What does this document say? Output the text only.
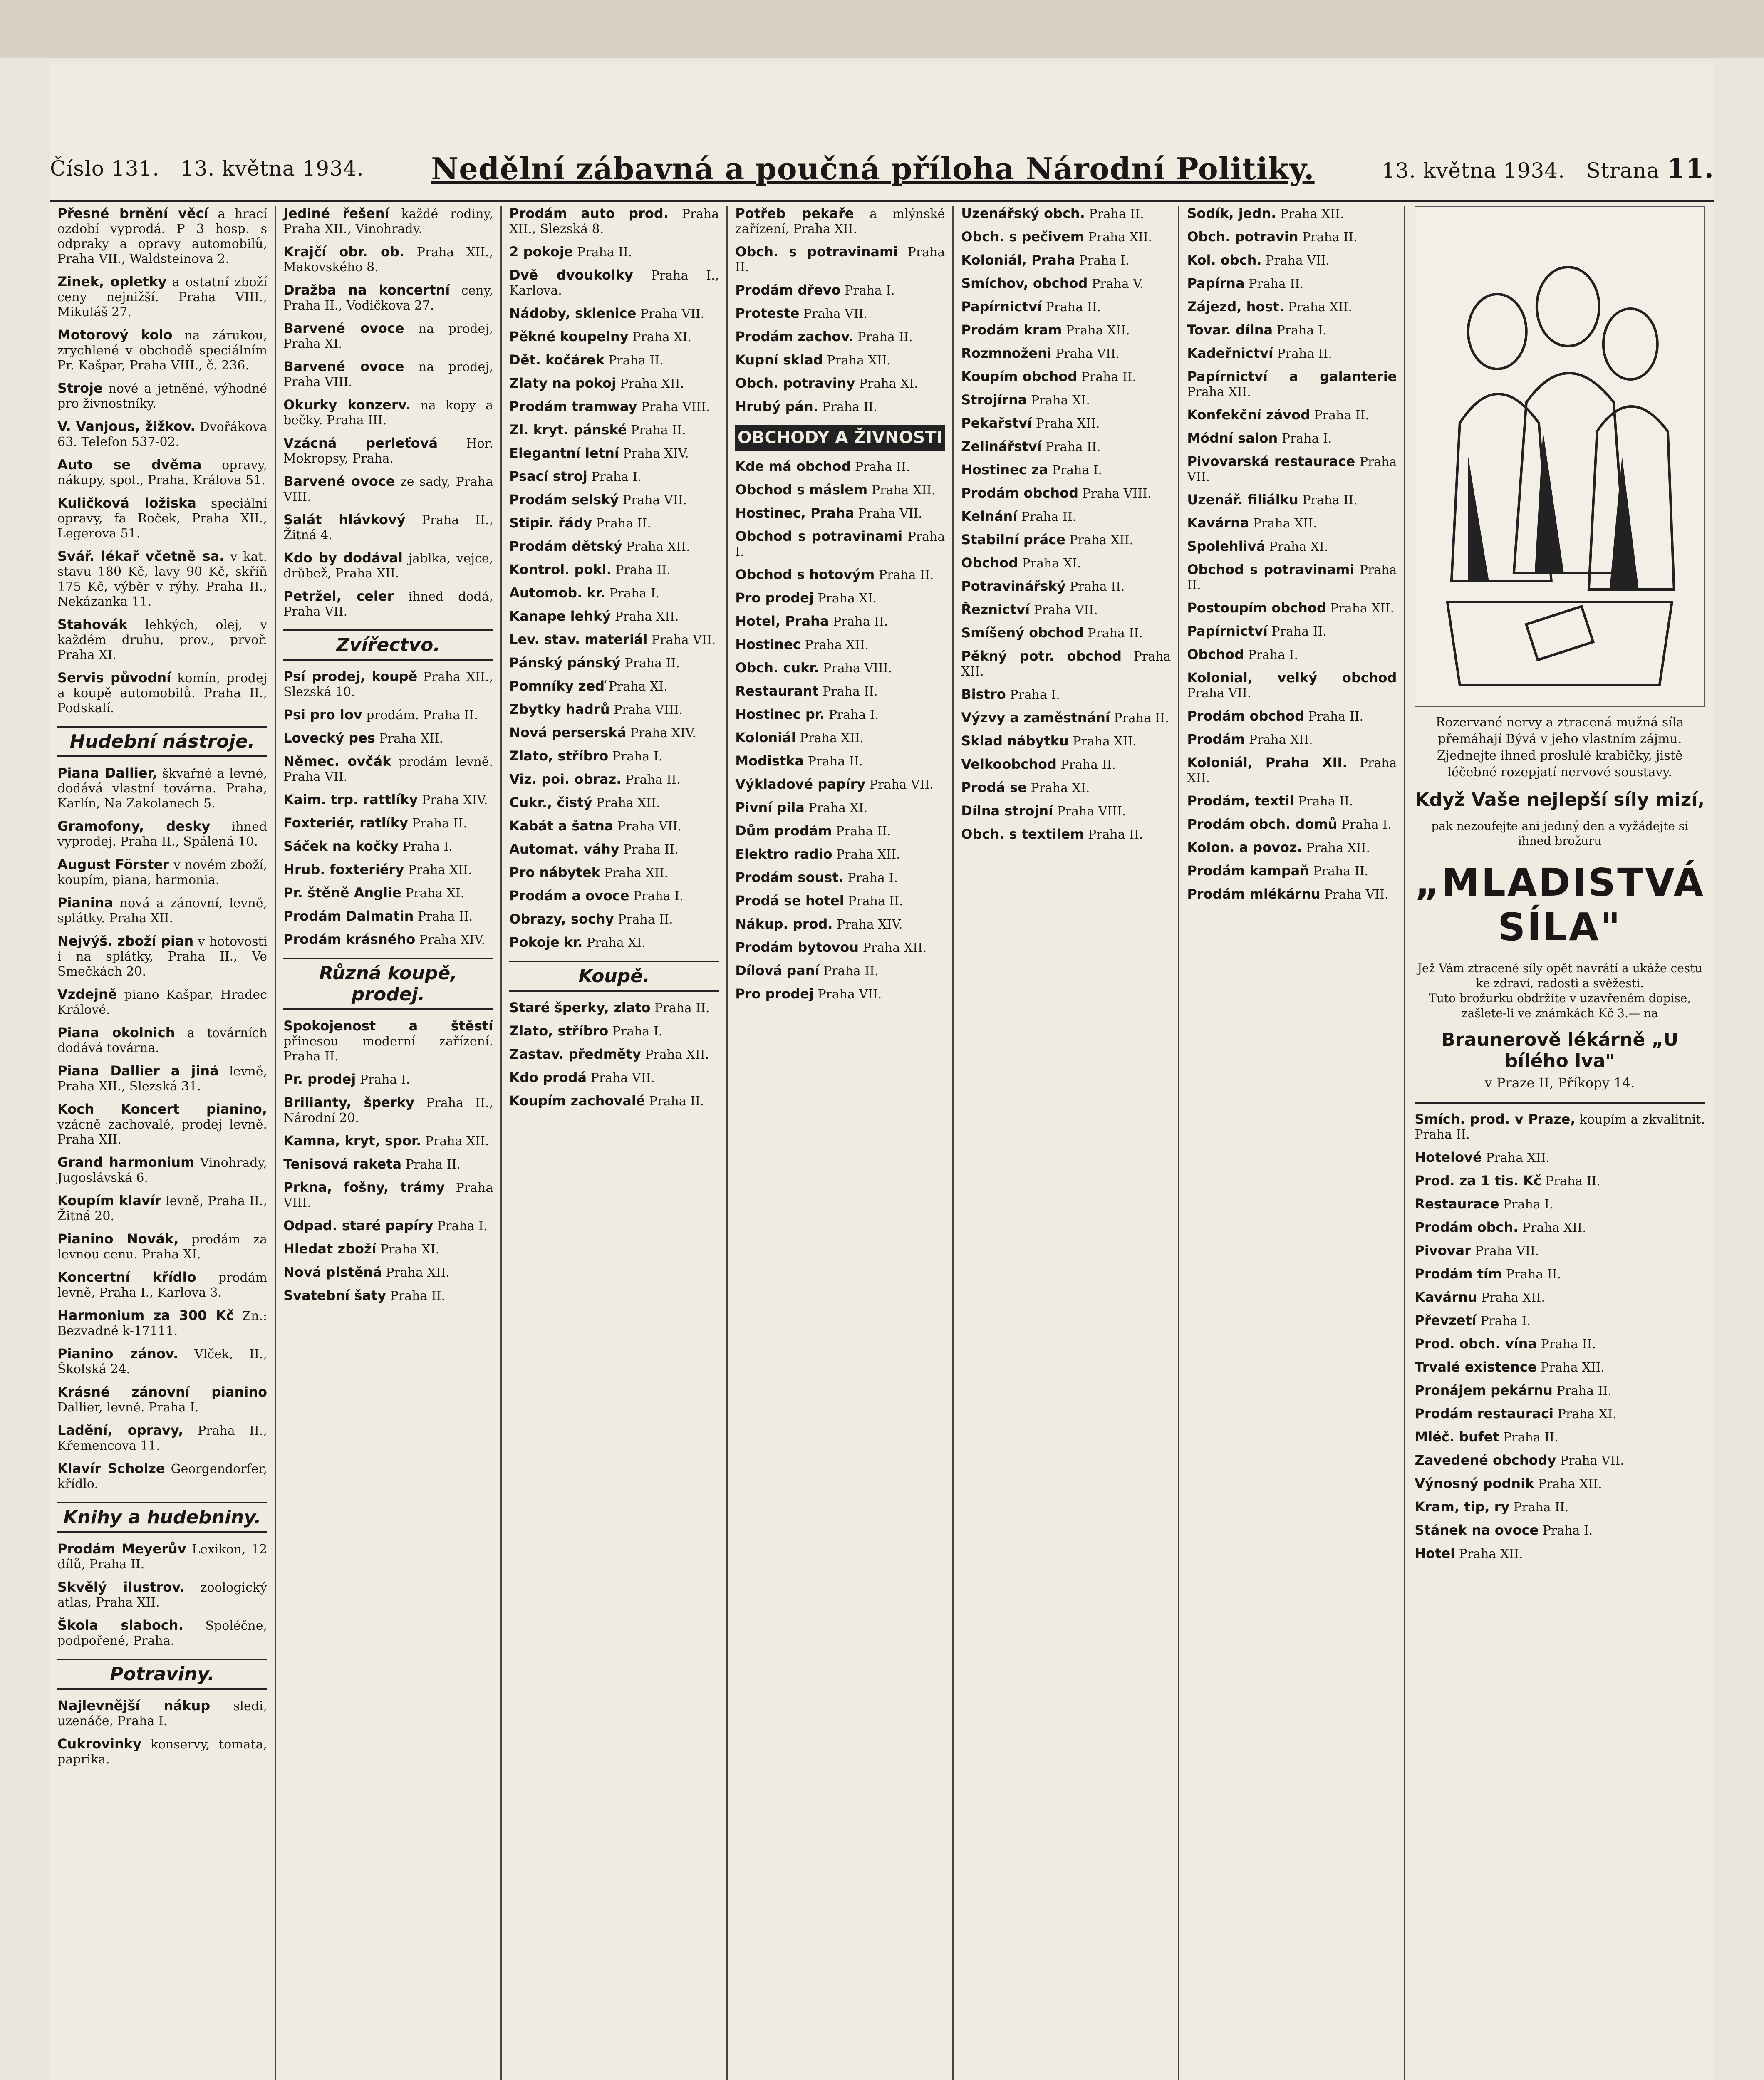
Číslo 131. 13. května 1934. Nedělní zábavná a poučná příloha Národní Politiky.	13. května 1934. Strana 11.
Přesné brnění věcí a hrací ozdobí vyprodá. P 3 hosp. s odpraky a opravy automobilů, Praha VII., Waldsteinova 2.
Zinek, opletky a ostatní zboží ceny nejnižší. Praha VIII., Mikuláš 27.
Motorový kolo na zárukou, zrychlené v obchodě speciálním Pr. Kašpar, Praha VIII., č. 236.
Stroje nové a jetněné, výhodné pro živnostníky.
V. Vanjous, žižkov. Dvořákova 63. Telefon 537-02.
Auto se dvěma opravy, nákupy, spol., Praha, Králova 51.
Kuličková ložiska speciální opravy, fa Roček, Praha XII., Legerova 51.
Svář. lékař včetně sa. v kat. stavu 180 Kč, lavy 90 Kč, skříň 175 Kč, výběr v rýhy. Praha II., Nekázanka 11.
Stahovák lehkých, olej, v každém druhu, prov., prvoř. Praha XI.
Servis původní komín, prodej a koupě automobilů. Praha II., Podskalí.
Hudební nástroje.
Piana Dallier, škvařné a levné, dodává vlastní továrna. Praha, Karlín, Na Zakolanech 5.
Gramofony, desky ihned vyprodej. Praha II., Spálená 10.
August Förster v novém zboží, koupím, piana, harmonia.
Pianina nová a zánovní, levně, splátky. Praha XII.
Nejvýš. zboží pian v hotovosti i na splátky, Praha II., Ve Smečkách 20.
Vzdejně piano Kašpar, Hradec Králové.
Piana okolnich a továrních dodává továrna.
Piana Dallier a jiná levně, Praha XII., Slezská 31.
Koch Koncert pianino, vzácně zachovalé, prodej levně. Praha XII.
Grand harmonium Vinohrady, Jugoslávská 6.
Koupím klavír levně, Praha II., Žitná 20.
Pianino Novák, prodám za levnou cenu. Praha XI.
Koncertní křídlo prodám levně, Praha I., Karlova 3.
Harmonium za 300 Kč Zn.: Bezvadné k-17111.
Pianino zánov. Vlček, II., Školská 24.
Krásné zánovní pianino Dallier, levně. Praha I.
Ladění, opravy, Praha II., Křemencova 11.
Klavír Scholze Georgendorfer, křídlo.
Knihy a hudebniny.
Prodám Meyerův Lexikon, 12 dílů, Praha II.
Skvělý ilustrov. zoologický atlas, Praha XII.
Škola slaboch. Spoléčne, podpořené, Praha.
Potraviny.
Najlevnější nákup sledi, uzenáče, Praha I.
Cukrovinky konservy, tomata, paprika.
Jediné řešení každé rodiny, Praha XII., Vinohrady.
Krajčí obr. ob. Praha XII., Makovského 8.
Dražba na koncertní ceny, Praha II., Vodičkova 27.
Barvené ovoce na prodej, Praha XI.
Barvené ovoce na prodej, Praha VIII.
Okurky konzerv. na kopy a bečky. Praha III.
Vzácná perleťová Hor. Mokropsy, Praha.
Barvené ovoce ze sady, Praha VIII.
Salát hlávkový Praha II., Žitná 4.
Kdo by dodával jablka, vejce, drůbež, Praha XII.
Petržel, celer ihned dodá, Praha VII.
Zvířectvo.
Psí prodej, koupě Praha XII., Slezská 10.
Psi pro lov prodám. Praha II.
Lovecký pes Praha XII.
Němec. ovčák prodám levně. Praha VII.
Kaim. trp. rattlíky Praha XIV.
Foxteriér, ratlíky Praha II.
Sáček na kočky Praha I.
Hrub. foxteriéry Praha XII.
Pr. štěně Anglie Praha XI.
Prodám Dalmatin Praha II.
Prodám krásného Praha XIV.
Různá koupě, prodej.
Spokojenost a štěstí přinesou moderní zařízení. Praha II.
Pr. prodej Praha I.
Brilianty, šperky Praha II., Národní 20.
Kamna, kryt, spor. Praha XII.
Tenisová raketa Praha II.
Prkna, fošny, trámy Praha VIII.
Odpad. staré papíry Praha I.
Hledat zboží Praha XI.
Nová plstěná Praha XII.
Svatební šaty Praha II.
Prodám auto prod. Praha XII., Slezská 8.
2 pokoje Praha II.
Dvě dvoukolky Praha I., Karlova.
Nádoby, sklenice Praha VII.
Pěkné koupelny Praha XI.
Dět. kočárek Praha II.
Zlaty na pokoj Praha XII.
Prodám tramway Praha VIII.
Zl. kryt. pánské Praha II.
Elegantní letní Praha XIV.
Psací stroj Praha I.
Prodám selský Praha VII.
Stipir. řády Praha II.
Prodám dětský Praha XII.
Kontrol. pokl. Praha II.
Automob. kr. Praha I.
Kanape lehký Praha XII.
Lev. stav. materiál Praha VII.
Pánský pánský Praha II.
Pomníky zeď Praha XI.
Zbytky hadrů Praha VIII.
Nová perserská Praha XIV.
Zlato, stříbro Praha I.
Viz. poi. obraz. Praha II.
Cukr., čistý Praha XII.
Kabát a šatna Praha VII.
Automat. váhy Praha II.
Pro nábytek Praha XII.
Prodám a ovoce Praha I.
Obrazy, sochy Praha II.
Pokoje kr. Praha XI.
Koupě.
Staré šperky, zlato Praha II.
Zlato, stříbro Praha I.
Zastav. předměty Praha XII.
Kdo prodá Praha VII.
Koupím zachovalé Praha II.
Potřeb pekaře a mlýnské zařízení, Praha XII.
Obch. s potravinami Praha II.
Prodám dřevo Praha I.
Proteste Praha VII.
Prodám zachov. Praha II.
Kupní sklad Praha XII.
Obch. potraviny Praha XI.
Hrubý pán. Praha II.
OBCHODY A ŽIVNOSTI
Kde má obchod Praha II.
Obchod s máslem Praha XII.
Hostinec, Praha Praha VII.
Obchod s potravinami Praha I.
Obchod s hotovým Praha II.
Pro prodej Praha XI.
Hotel, Praha Praha II.
Hostinec Praha XII.
Obch. cukr. Praha VIII.
Restaurant Praha II.
Hostinec pr. Praha I.
Koloniál Praha XII.
Modistka Praha II.
Výkladové papíry Praha VII.
Pivní pila Praha XI.
Dům prodám Praha II.
Elektro radio Praha XII.
Prodám soust. Praha I.
Prodá se hotel Praha II.
Nákup. prod. Praha XIV.
Prodám bytovou Praha XII.
Dílová paní Praha II.
Pro prodej Praha VII.
Uzenářský obch. Praha II.
Obch. s pečivem Praha XII.
Koloniál, Praha Praha I.
Smíchov, obchod Praha V.
Papírnictví Praha II.
Prodám kram Praha XII.
Rozmnoženi Praha VII.
Koupím obchod Praha II.
Strojírna Praha XI.
Pekařství Praha XII.
Zelinářství Praha II.
Hostinec za Praha I.
Prodám obchod Praha VIII.
Kelnání Praha II.
Stabilní práce Praha XII.
Obchod Praha XI.
Potravinářský Praha II.
Řeznictví Praha VII.
Smíšený obchod Praha II.
Pěkný potr. obchod Praha XII.
Bistro Praha I.
Výzvy a zaměstnání Praha II.
Sklad nábytku Praha XII.
Velkoobchod Praha II.
Prodá se Praha XI.
Dílna strojní Praha VIII.
Obch. s textilem Praha II.
Sodík, jedn. Praha XII.
Obch. potravin Praha II.
Kol. obch. Praha VII.
Papírna Praha II.
Zájezd, host. Praha XII.
Tovar. dílna Praha I.
Kadeřnictví Praha II.
Papírnictví a galanterie Praha XII.
Konfekční závod Praha II.
Módní salon Praha I.
Pivovarská restaurace Praha VII.
Uzenář. filiálku Praha II.
Kavárna Praha XII.
Spolehlivá Praha XI.
Obchod s potravinami Praha II.
Postoupím obchod Praha XII.
Papírnictví Praha II.
Obchod Praha I.
Kolonial, velký obchod Praha VII.
Prodám obchod Praha II.
Prodám Praha XII.
Koloniál, Praha XII. Praha XII.
Prodám, textil Praha II.
Prodám obch. domů Praha I.
Kolon. a povoz. Praha XII.
Prodám kampaň Praha II.
Prodám mlékárnu Praha VII.
Rozervané nervy a ztracená mužná síla přemáhají Bývá v jeho vlastním zájmu. Zjednejte ihned proslulé krabičky, jistě léčebné rozepjatí nervové soustavy.
Když Vaše nejlepší síly mizí,
pak nezoufejte ani jediný den a vyžádejte si ihned brožuru
„MLADISTVÁ SÍLA"
Jež Vám ztracené síly opět navrátí a ukáže cestu ke zdraví, radosti a svěžesti.
Tuto brožurku obdržíte v uzavřeném dopise, zašlete-li ve známkách Kč 3.— na
Braunerově lékárně „U bílého lva"
v Praze II, Příkopy 14.
Smích. prod. v Praze, koupím a zkvalitnit. Praha II.
Hotelové Praha XII.
Prod. za 1 tis. Kč Praha II.
Restaurace Praha I.
Prodám obch. Praha XII.
Pivovar Praha VII.
Prodám tím Praha II.
Kavárnu Praha XII.
Převzetí Praha I.
Prod. obch. vína Praha II.
Trvalé existence Praha XII.
Pronájem pekárnu Praha II.
Prodám restauraci Praha XI.
Mléč. bufet Praha II.
Zavedené obchody Praha VII.
Výnosný podnik Praha XII.
Kram, tip, ry Praha II.
Stánek na ovoce Praha I.
Hotel Praha XII.
